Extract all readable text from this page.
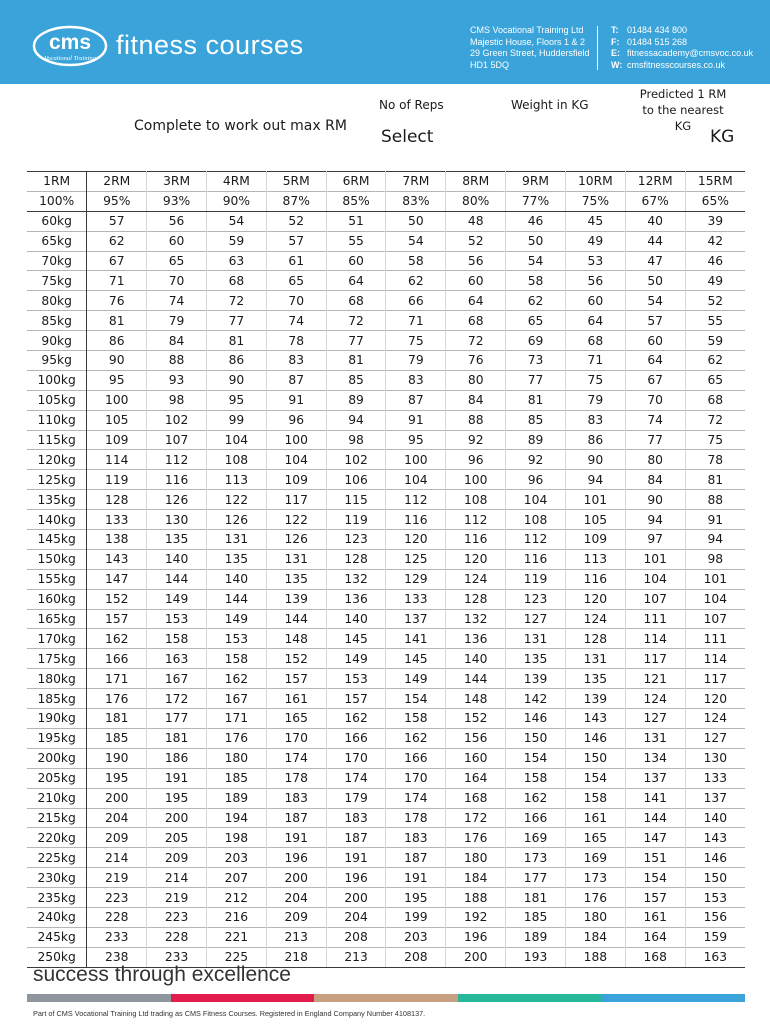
cms
Vocational Training fitness courses	CMS Vocational Training Ltd
Majestic House, Floors 1 & 2
29 Green Street, Huddersfield
HD1 5DQ
T: 01484 434 800
F: 01484 515 268
E: fitnessacademy@cmsvoc.co.uk
W: cmsfitnesscourses.co.uk
No of Reps	Weight in KG
Predicted 1 RM
to the nearest KG
Complete to work out max RM
Select	KG
1RM	2RM	3RM	4RM	5RM	6RM	7RM	8RM	9RM	10RM	12RM	15RM
100%	95%	93%	90%	87%	85%	83%	80%	77%	75%	67%	65%
60kg	57	56	54	52	51	50	48	46	45	40	39
65kg	62	60	59	57	55	54	52	50	49	44	42
70kg	67	65	63	61	60	58	56	54	53	47	46
75kg	71	70	68	65	64	62	60	58	56	50	49
80kg	76	74	72	70	68	66	64	62	60	54	52
85kg	81	79	77	74	72	71	68	65	64	57	55
90kg	86	84	81	78	77	75	72	69	68	60	59
95kg	90	88	86	83	81	79	76	73	71	64	62
100kg	95	93	90	87	85	83	80	77	75	67	65
105kg	100	98	95	91	89	87	84	81	79	70	68
110kg	105	102	99	96	94	91	88	85	83	74	72
115kg	109	107	104	100	98	95	92	89	86	77	75
120kg	114	112	108	104	102	100	96	92	90	80	78
125kg	119	116	113	109	106	104	100	96	94	84	81
135kg	128	126	122	117	115	112	108	104	101	90	88
140kg	133	130	126	122	119	116	112	108	105	94	91
145kg	138	135	131	126	123	120	116	112	109	97	94
150kg	143	140	135	131	128	125	120	116	113	101	98
155kg	147	144	140	135	132	129	124	119	116	104	101
160kg	152	149	144	139	136	133	128	123	120	107	104
165kg	157	153	149	144	140	137	132	127	124	111	107
170kg	162	158	153	148	145	141	136	131	128	114	111
175kg	166	163	158	152	149	145	140	135	131	117	114
180kg	171	167	162	157	153	149	144	139	135	121	117
185kg	176	172	167	161	157	154	148	142	139	124	120
190kg	181	177	171	165	162	158	152	146	143	127	124
195kg	185	181	176	170	166	162	156	150	146	131	127
200kg	190	186	180	174	170	166	160	154	150	134	130
205kg	195	191	185	178	174	170	164	158	154	137	133
210kg	200	195	189	183	179	174	168	162	158	141	137
215kg	204	200	194	187	183	178	172	166	161	144	140
220kg	209	205	198	191	187	183	176	169	165	147	143
225kg	214	209	203	196	191	187	180	173	169	151	146
230kg	219	214	207	200	196	191	184	177	173	154	150
235kg	223	219	212	204	200	195	188	181	176	157	153
240kg	228	223	216	209	204	199	192	185	180	161	156
245kg	233	228	221	213	208	203	196	189	184	164	159
250kg	238	233	225	218	213	208	200	193	188	168	163
success through excellence
Part of CMS Vocational Training Ltd trading as CMS Fitness Courses. Registered in England Company Number 4108137.
